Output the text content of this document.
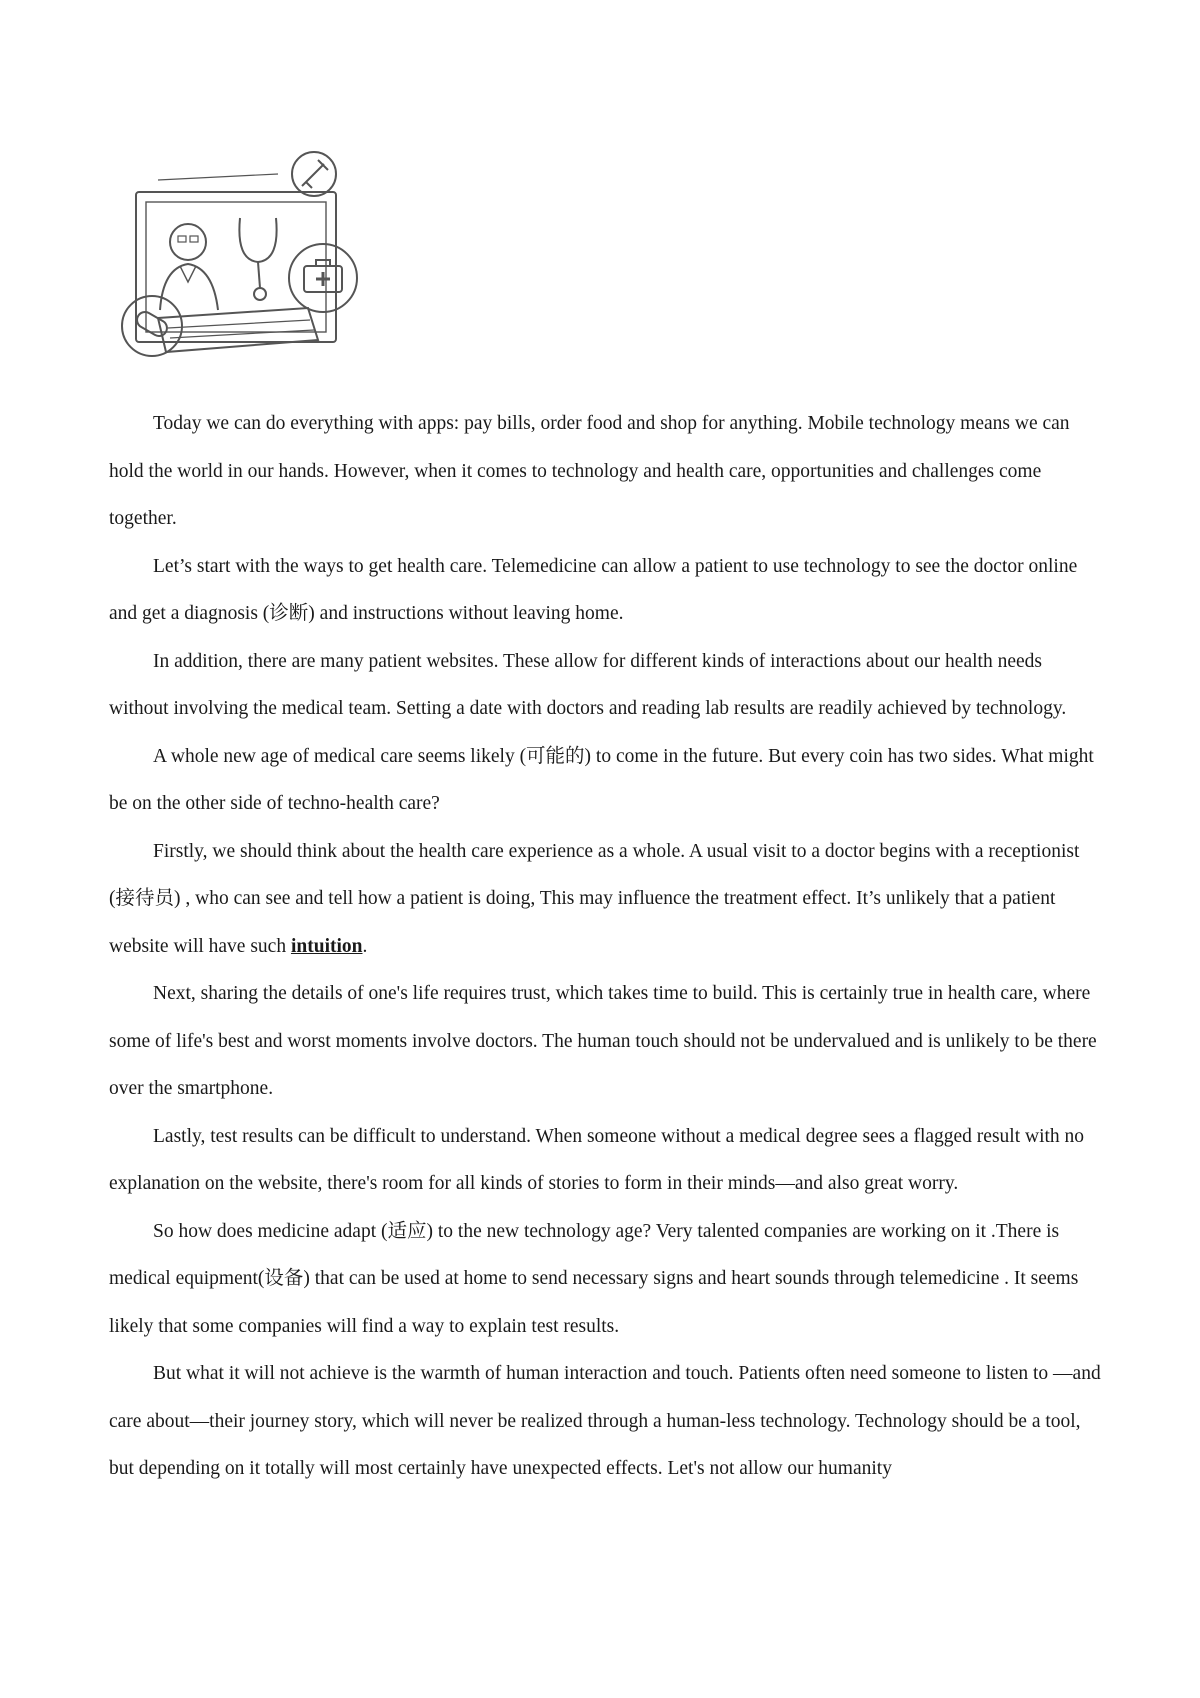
Today we can do everything with apps: pay bills, order food and shop for anything. Mobile technology means we can hold the world in our hands. However, when it comes to technology and health care, opportunities and challenges come together.

Let’s start with the ways to get health care. Telemedicine can allow a patient to use technology to see the doctor online and get a diagnosis (诊断) and instructions without leaving home.

In addition, there are many patient websites. These allow for different kinds of interactions about our health needs without involving the medical team. Setting a date with doctors and reading lab results are readily achieved by technology.

A whole new age of medical care seems likely (可能的) to come in the future. But every coin has two sides. What might be on the other side of techno-health care?

Firstly, we should think about the health care experience as a whole. A usual visit to a doctor begins with a receptionist (接待员) , who can see and tell how a patient is doing, This may influence the treatment effect. It’s unlikely that a patient website will have such intuition.

Next, sharing the details of one's life requires trust, which takes time to build. This is certainly true in health care, where some of life's best and worst moments involve doctors. The human touch should not be undervalued and is unlikely to be there over the smartphone.

Lastly, test results can be difficult to understand. When someone without a medical degree sees a flagged result with no explanation on the website, there's room for all kinds of stories to form in their minds—and also great worry.

So how does medicine adapt (适应) to the new technology age? Very talented companies are working on it .There is medical equipment(设备) that can be used at home to send necessary signs and heart sounds through telemedicine . It seems likely that some companies will find a way to explain test results.

But what it will not achieve is the warmth of human interaction and touch. Patients often need someone to listen to —and care about—their journey story, which will never be realized through a human-less technology. Technology should be a tool, but depending on it totally will most certainly have unexpected effects. Let's not allow our humanity
